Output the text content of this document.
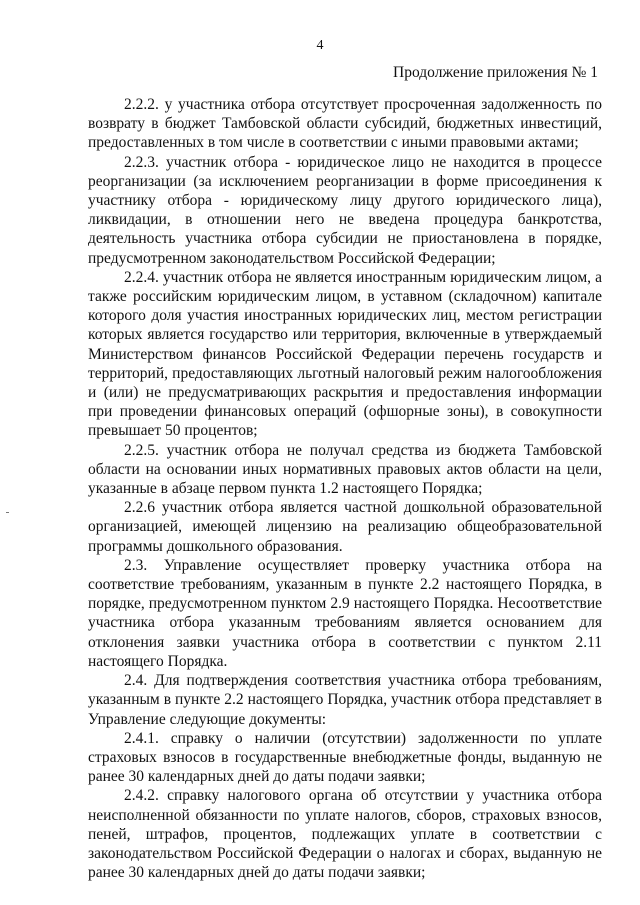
4
Продолжение приложения № 1

2.2.2. у участника отбора отсутствует просроченная задолженность по возврату в бюджет Тамбовской области субсидий, бюджетных инвестиций, предоставленных в том числе в соответствии с иными правовыми актами;

2.2.3. участник отбора - юридическое лицо не находится в процессе реорганизации (за исключением реорганизации в форме присоединения к участнику отбора - юридическому лицу другого юридического лица), ликвидации, в отношении него не введена процедура банкротства, деятельность участника отбора субсидии не приостановлена в порядке, предусмотренном законодательством Российской Федерации;

2.2.4. участник отбора не является иностранным юридическим лицом, а также российским юридическим лицом, в уставном (складочном) капитале которого доля участия иностранных юридических лиц, местом регистрации которых является государство или территория, включенные в утверждаемый Министерством финансов Российской Федерации перечень государств и территорий, предоставляющих льготный налоговый режим налогообложения и (или) не предусматривающих раскрытия и предоставления информации при проведении финансовых операций (офшорные зоны), в совокупности превышает 50 процентов;

2.2.5. участник отбора не получал средства из бюджета Тамбовской области на основании иных нормативных правовых актов области на цели, указанные в абзаце первом пункта 1.2 настоящего Порядка;

2.2.6 участник отбора является частной дошкольной образовательной организацией, имеющей лицензию на реализацию общеобразовательной программы дошкольного образования.

2.3. Управление осуществляет проверку участника отбора на соответствие требованиям, указанным в пункте 2.2 настоящего Порядка, в порядке, предусмотренном пунктом 2.9 настоящего Порядка. Несоответствие участника отбора указанным требованиям является основанием для отклонения заявки участника отбора в соответствии с пунктом 2.11 настоящего Порядка.

2.4. Для подтверждения соответствия участника отбора требованиям, указанным в пункте 2.2 настоящего Порядка, участник отбора представляет в Управление следующие документы:

2.4.1. справку о наличии (отсутствии) задолженности по уплате страховых взносов в государственные внебюджетные фонды, выданную не ранее 30 календарных дней до даты подачи заявки;

2.4.2. справку налогового органа об отсутствии у участника отбора неисполненной обязанности по уплате налогов, сборов, страховых взносов, пеней, штрафов, процентов, подлежащих уплате в соответствии с законодательством Российской Федерации о налогах и сборах, выданную не ранее 30 календарных дней до даты подачи заявки;
